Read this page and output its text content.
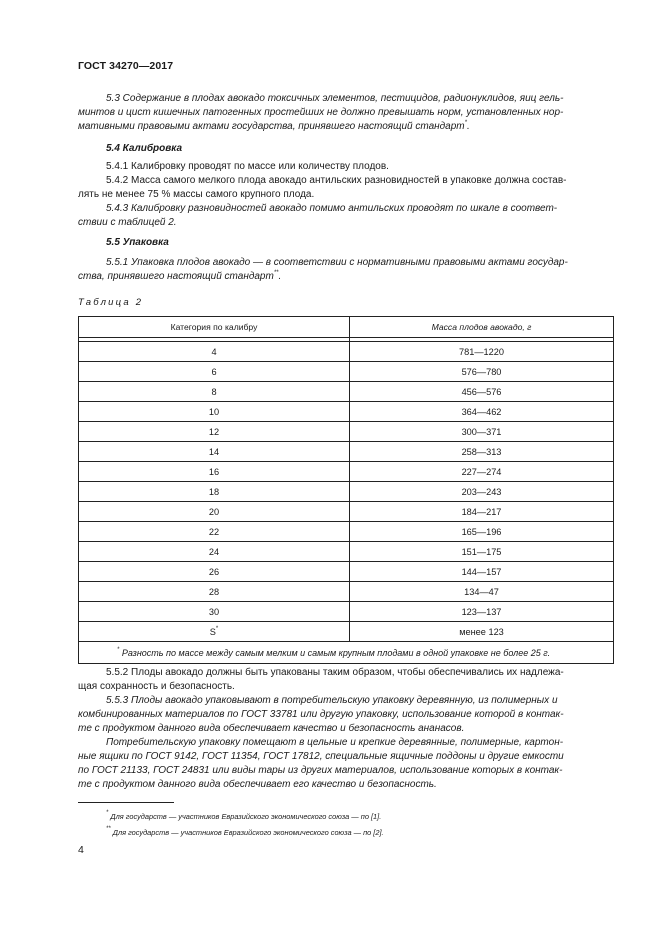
ГОСТ 34270—2017
5.3 Содержание в плодах авокадо токсичных элементов, пестицидов, радионуклидов, яиц гель-
минтов и цист кишечных патогенных простейших не должно превышать норм, установленных нор-
мативными правовыми актами государства, принявшего настоящий стандарт*.
5.4 Калибровка
5.4.1 Калибровку проводят по массе или количеству плодов.
5.4.2 Масса самого мелкого плода авокадо антильских разновидностей в упаковке должна состав-
лять не менее 75 % массы самого крупного плода.
5.4.3 Калибровку разновидностей авокадо помимо антильских проводят по шкале в соответ-
ствии с таблицей 2.
5.5 Упаковка
5.5.1 Упаковка плодов авокадо — в соответствии с нормативными правовыми актами государ-
ства, принявшего настоящий стандарт**.
Таблица 2
Категория по калибру	Масса плодов авокадо, г

4	781—1220
6	576—780
8	456—576
10	364—462
12	300—371
14	258—313
16	227—274
18	203—243
20	184—217
22	165—196
24	151—175
26	144—157
28	134—47
30	123—137
S*	менее 123
* Разность по массе между самым мелким и самым крупным плодами в одной упаковке не более 25 г.	
5.5.2 Плоды авокадо должны быть упакованы таким образом, чтобы обеспечивались их надлежа-
щая сохранность и безопасность.
5.5.3 Плоды авокадо упаковывают в потребительскую упаковку деревянную, из полимерных и
комбинированных материалов по ГОСТ 33781 или другую упаковку, использование которой в контак-
те с продуктом данного вида обеспечивает качество и безопасность ананасов.
Потребительскую упаковку помещают в цельные и крепкие деревянные, полимерные, картон-
ные ящики по ГОСТ 9142, ГОСТ 11354, ГОСТ 17812, специальные ящичные поддоны и другие емкости
по ГОСТ 21133, ГОСТ 24831 или виды тары из других материалов, использование которых в контак-
те с продуктом данного вида обеспечивает его качество и безопасность.
* Для государств — участников Евразийского экономического союза — по [1].
** Для государств — участников Евразийского экономического союза — по [2].
4
